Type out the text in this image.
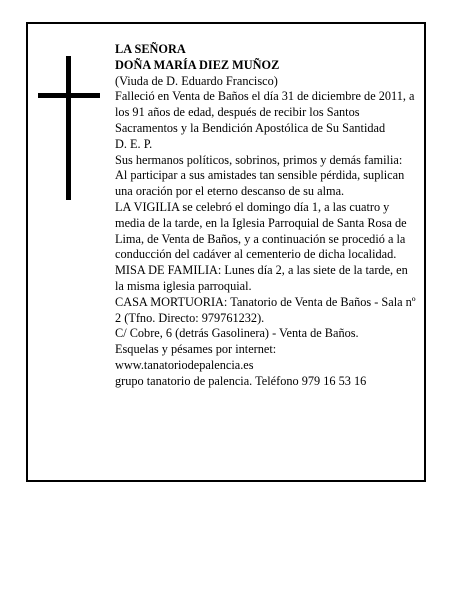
LA SEÑORA

DOÑA MARÍA DIEZ MUÑOZ

(Viuda de D. Eduardo Francisco)

Falleció en Venta de Baños el día 31 de diciembre de 2011, a los 91 años de edad, después de recibir los Santos Sacramentos y la Bendición Apostólica de Su Santidad

D. E. P.

Sus hermanos políticos, sobrinos, primos y demás familia:

Al participar a sus amistades tan sensible pérdida, suplican una oración por el eterno descanso de su alma.

LA VIGILIA se celebró el domingo día 1, a las cuatro y media de la tarde, en la Iglesia Parroquial de Santa Rosa de Lima, de Venta de Baños, y a continuación se procedió a la conducción del cadáver al cementerio de dicha localidad.

MISA DE FAMILIA: Lunes día 2, a las siete de la tarde, en la misma iglesia parroquial.

CASA MORTUORIA: Tanatorio de Venta de Baños - Sala nº 2 (Tfno. Directo: 979761232).

C/ Cobre, 6 (detrás Gasolinera) - Venta de Baños.

Esquelas y pésames por internet:

www.tanatoriodepalencia.es

grupo tanatorio de palencia. Teléfono 979 16 53 16
